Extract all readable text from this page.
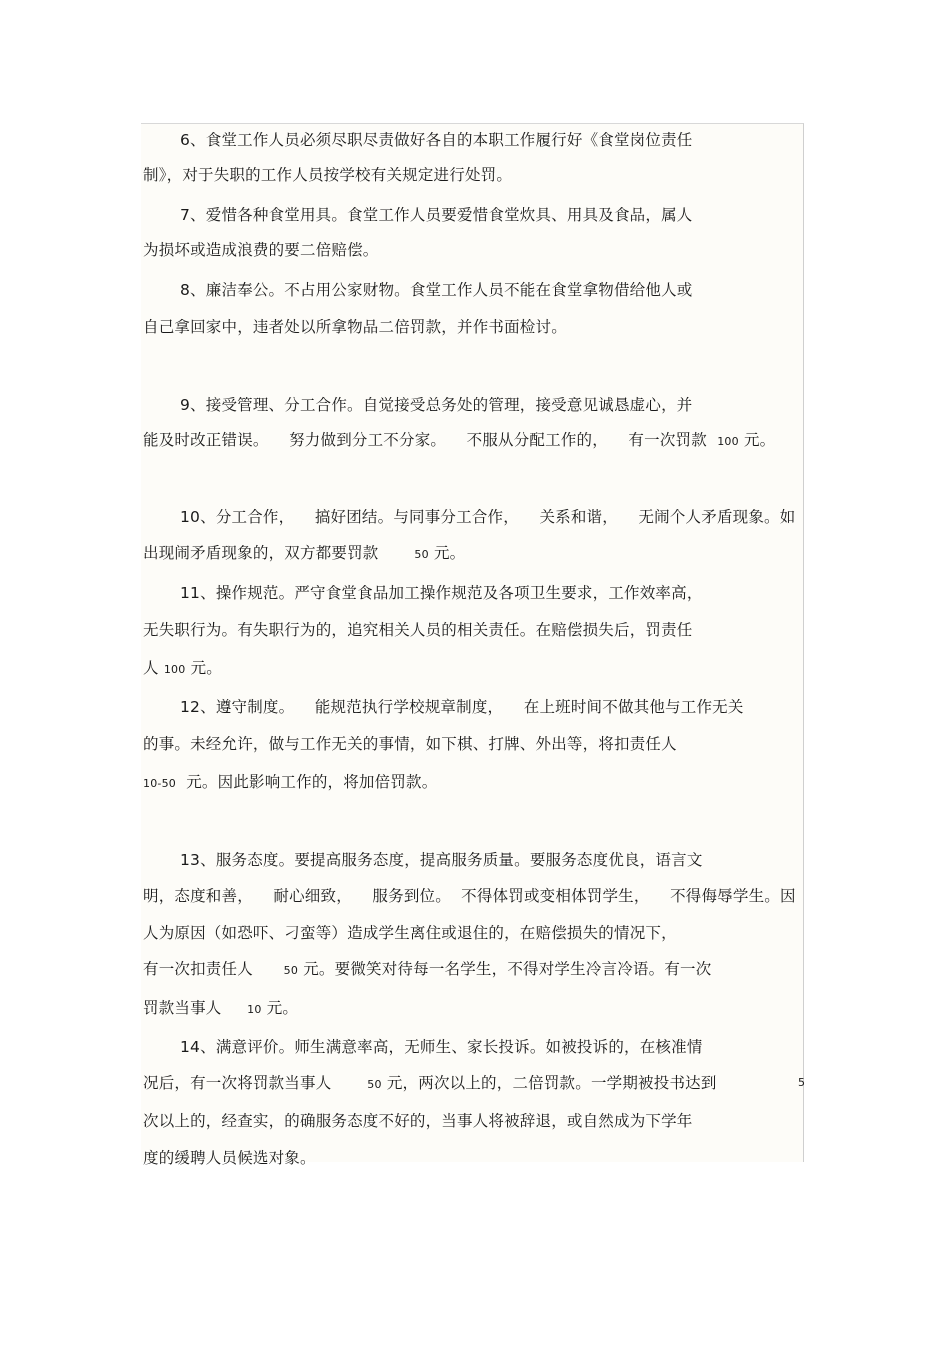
6、食堂工作人员必须尽职尽责做好各自的本职工作履行好《食堂岗位责任
制》，对于失职的工作人员按学校有关规定进行处罚。
7、爱惜各种食堂用具。食堂工作人员要爱惜食堂炊具、用具及食品，属人
为损坏或造成浪费的要二倍赔偿。
8、廉洁奉公。不占用公家财物。食堂工作人员不能在食堂拿物借给他人或
自己拿回家中，违者处以所拿物品二倍罚款，并作书面检讨。
9、接受管理、分工合作。自觉接受总务处的管理，接受意见诚恳虚心，并
能及时改正错误。    努力做到分工不分家。    不服从分配工作的，    有一次罚款 100 元。
10、分工合作，    搞好团结。与同事分工合作，    关系和谐，    无闹个人矛盾现象。如
出现闹矛盾现象的，双方都要罚款	50 元。
11、操作规范。严守食堂食品加工操作规范及各项卫生要求，工作效率高，
无失职行为。有失职行为的，追究相关人员的相关责任。在赔偿损失后，罚责任
人 100 元。
12、遵守制度。    能规范执行学校规章制度，    在上班时间不做其他与工作无关
的事。未经允许，做与工作无关的事情，如下棋、打牌、外出等，将扣责任人
10-50 元。因此影响工作的，将加倍罚款。
13、服务态度。要提高服务态度，提高服务质量。要服务态度优良，语言文
明，态度和善，    耐心细致，    服务到位。  不得体罚或变相体罚学生，    不得侮辱学生。因
人为原因（如恐吓、刁蛮等）造成学生离住或退住的，在赔偿损失的情况下，
有一次扣责任人	50 元。要微笑对待每一名学生，不得对学生冷言冷语。有一次
罚款当事人 10 元。
14、满意评价。师生满意率高，无师生、家长投诉。如被投诉的，在核准情
况后，有一次将罚款当事人	50 元，两次以上的，二倍罚款。一学期被投书达到	5
次以上的，经查实，的确服务态度不好的，当事人将被辞退，或自然成为下学年
度的缓聘人员候选对象。
